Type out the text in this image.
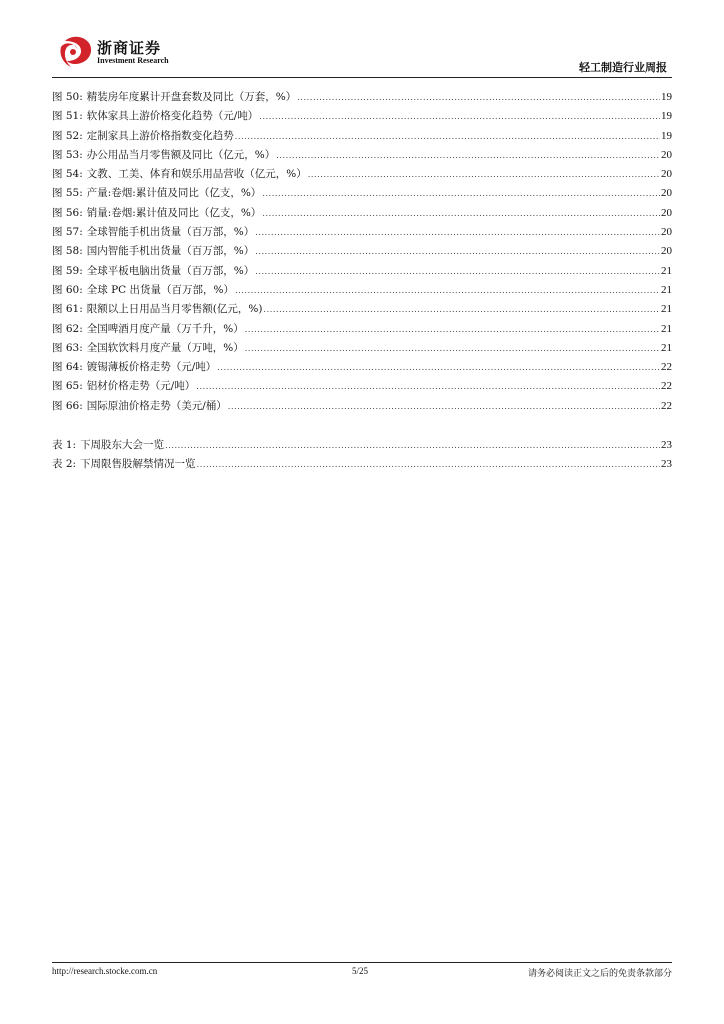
浙商证券
Investment Research
轻工制造行业周报
图 50: 精装房年度累计开盘套数及同比（万套，%） .....	19
图 51: 软体家具上游价格变化趋势（元/吨） .....	19
图 52: 定制家具上游价格指数变化趋势 .....	19
图 53: 办公用品当月零售额及同比（亿元，%） .....	20
图 54: 文教、工美、体育和娱乐用品营收（亿元，%） .....	20
图 55: 产量:卷烟:累计值及同比（亿支，%） .....	20
图 56: 销量:卷烟:累计值及同比（亿支，%） .....	20
图 57: 全球智能手机出货量（百万部，%） .....	20
图 58: 国内智能手机出货量（百万部，%） .....	20
图 59: 全球平板电脑出货量（百万部，%） .....	21
图 60: 全球 PC 出货量（百万部，%） .....	21
图 61: 限额以上日用品当月零售额(亿元，%) .....	21
图 62: 全国啤酒月度产量（万千升，%） .....	21
图 63: 全国软饮料月度产量（万吨，%） .....	21
图 64: 镀锡薄板价格走势（元/吨） .....	22
图 65: 铝材价格走势（元/吨） .....	22
图 66: 国际原油价格走势（美元/桶） .....	22
表 1: 下周股东大会一览 .....	23
表 2: 下周限售股解禁情况一览 .....	23
http://research.stocke.com.cn	5/25	请务必阅读正文之后的免责条款部分
